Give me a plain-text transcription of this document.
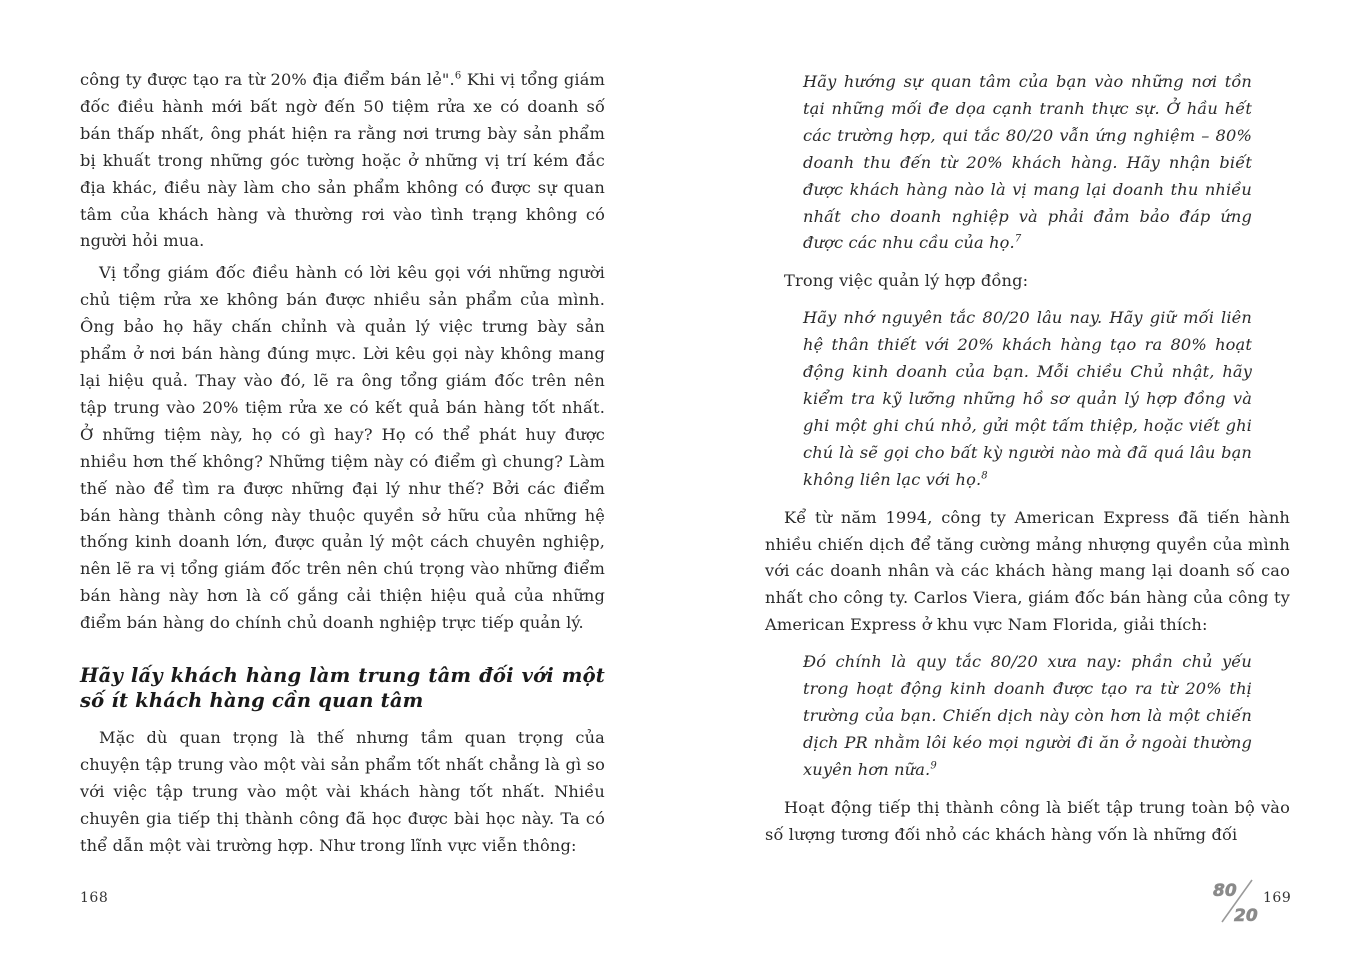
công ty được tạo ra từ 20% địa điểm bán lẻ".$^6$ Khi vị tổng giám đốc điều hành mới bất ngờ đến 50 tiệm rửa xe có doanh số bán thấp nhất, ông phát hiện ra rằng nơi trưng bày sản phẩm bị khuất trong những góc tường hoặc ở những vị trí kém đắc địa khác, điều này làm cho sản phẩm không có được sự quan tâm của khách hàng và thường rơi vào tình trạng không có người hỏi mua.

Vị tổng giám đốc điều hành có lời kêu gọi với những người chủ tiệm rửa xe không bán được nhiều sản phẩm của mình. Ông bảo họ hãy chấn chỉnh và quản lý việc trưng bày sản phẩm ở nơi bán hàng đúng mực. Lời kêu gọi này không mang lại hiệu quả. Thay vào đó, lẽ ra ông tổng giám đốc trên nên tập trung vào 20% tiệm rửa xe có kết quả bán hàng tốt nhất. Ở những tiệm này, họ có gì hay? Họ có thể phát huy được nhiều hơn thế không? Những tiệm này có điểm gì chung? Làm thế nào để tìm ra được những đại lý như thế? Bởi các điểm bán hàng thành công này thuộc quyền sở hữu của những hệ thống kinh doanh lớn, được quản lý một cách chuyên nghiệp, nên lẽ ra vị tổng giám đốc trên nên chú trọng vào những điểm bán hàng này hơn là cố gắng cải thiện hiệu quả của những điểm bán hàng do chính chủ doanh nghiệp trực tiếp quản lý.

Hãy lấy khách hàng làm trung tâm đối với một số ít khách hàng cần quan tâm

Mặc dù quan trọng là thế nhưng tầm quan trọng của chuyện tập trung vào một vài sản phẩm tốt nhất chẳng là gì so với việc tập trung vào một vài khách hàng tốt nhất. Nhiều chuyên gia tiếp thị thành công đã học được bài học này. Ta có thể dẫn một vài trường hợp. Như trong lĩnh vực viễn thông:

168

Hãy hướng sự quan tâm của bạn vào những nơi tồn tại những mối đe dọa cạnh tranh thực sự. Ở hầu hết các trường hợp, qui tắc 80/20 vẫn ứng nghiệm – 80% doanh thu đến từ 20% khách hàng. Hãy nhận biết được khách hàng nào là vị mang lại doanh thu nhiều nhất cho doanh nghiệp và phải đảm bảo đáp ứng được các nhu cầu của họ.$^7$

Trong việc quản lý hợp đồng:

Hãy nhớ nguyên tắc 80/20 lâu nay. Hãy giữ mối liên hệ thân thiết với 20% khách hàng tạo ra 80% hoạt động kinh doanh của bạn. Mỗi chiều Chủ nhật, hãy kiểm tra kỹ lưỡng những hồ sơ quản lý hợp đồng và ghi một ghi chú nhỏ, gửi một tấm thiệp, hoặc viết ghi chú là sẽ gọi cho bất kỳ người nào mà đã quá lâu bạn không liên lạc với họ.$^8$

Kể từ năm 1994, công ty American Express đã tiến hành nhiều chiến dịch để tăng cường mảng nhượng quyền của mình với các doanh nhân và các khách hàng mang lại doanh số cao nhất cho công ty. Carlos Viera, giám đốc bán hàng của công ty American Express ở khu vực Nam Florida, giải thích:

Đó chính là quy tắc 80/20 xưa nay: phần chủ yếu trong hoạt động kinh doanh được tạo ra từ 20% thị trường của bạn. Chiến dịch này còn hơn là một chiến dịch PR nhằm lôi kéo mọi người đi ăn ở ngoài thường xuyên hơn nữa.$^9$

Hoạt động tiếp thị thành công là biết tập trung toàn bộ vào số lượng tương đối nhỏ các khách hàng vốn là những đối

80
20
169
